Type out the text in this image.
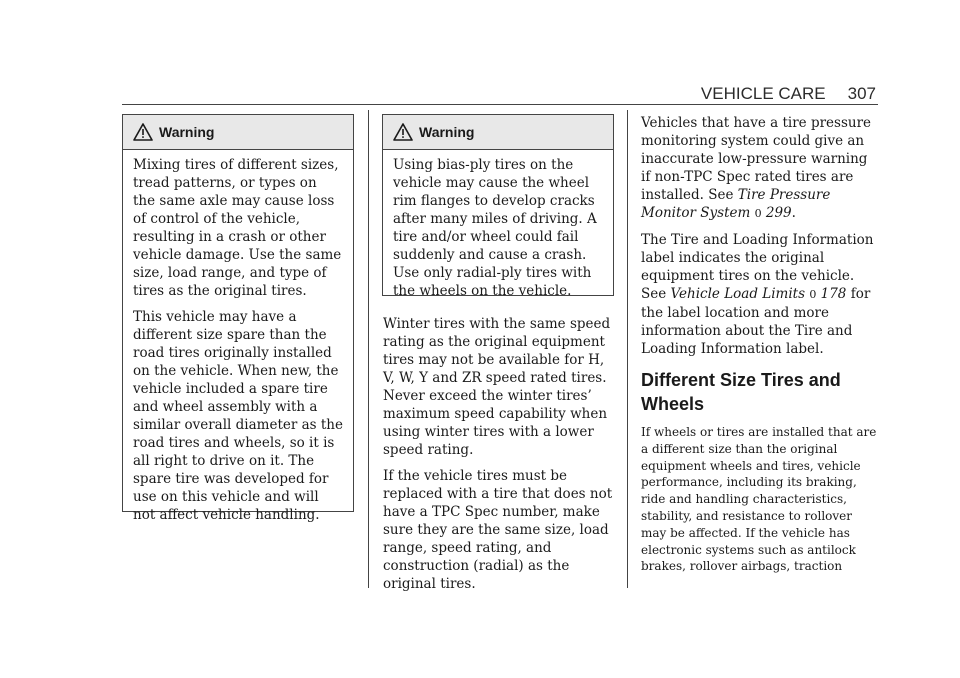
VEHICLE CARE 307
Warning

Mixing tires of different sizes, tread patterns, or types on the same axle may cause loss of control of the vehicle, resulting in a crash or other vehicle damage. Use the same size, load range, and type of tires as the original tires.

This vehicle may have a different size spare than the road tires originally installed on the vehicle. When new, the vehicle included a spare tire and wheel assembly with a similar overall diameter as the road tires and wheels, so it is all right to drive on it. The spare tire was developed for use on this vehicle and will not affect vehicle handling.

Warning

Using bias-ply tires on the vehicle may cause the wheel rim flanges to develop cracks after many miles of driving. A tire and/or wheel could fail suddenly and cause a crash. Use only radial-ply tires with the wheels on the vehicle.

Winter tires with the same speed rating as the original equipment tires may not be available for H, V, W, Y and ZR speed rated tires. Never exceed the winter tires’ maximum speed capability when using winter tires with a lower speed rating.

If the vehicle tires must be replaced with a tire that does not have a TPC Spec number, make sure they are the same size, load range, speed rating, and construction (radial) as the original tires.

Vehicles that have a tire pressure monitoring system could give an inaccurate low-pressure warning if non-TPC Spec rated tires are installed. See Tire Pressure Monitor System 0 299.

The Tire and Loading Information label indicates the original equipment tires on the vehicle. See Vehicle Load Limits 0 178 for the label location and more information about the Tire and Loading Information label.

Different Size Tires and Wheels

If wheels or tires are installed that are a different size than the original equipment wheels and tires, vehicle performance, including its braking, ride and handling characteristics, stability, and resistance to rollover may be affected. If the vehicle has electronic systems such as antilock brakes, rollover airbags, traction
